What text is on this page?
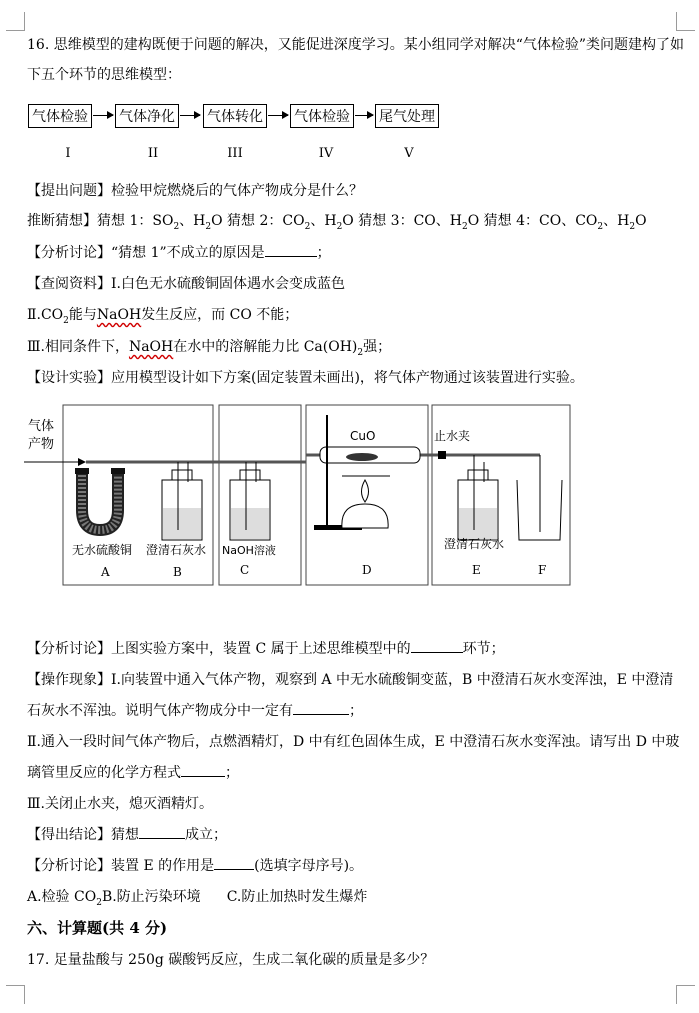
16. 思维模型的建构既便于问题的解决，又能促进深度学习。某小组同学对解决“气体检验”类问题建构了如
下五个环节的思维模型：
气体检验 气体净化 气体转化 气体检验 尾气处理
I	II	III	IV	V
【提出问题】检验甲烷燃烧后的气体产物成分是什么？
推断猜想】猜想 1：$SO_2$、$H_2O$ 猜想 2：$CO_2$、$H_2O$ 猜想 3：CO、$H_2O$ 猜想 4：CO、$CO_2$、$H_2O$
【分析讨论】“猜想 1”不成立的原因是	；
【查阅资料】Ⅰ.白色无水硫酸铜固体遇水会变成蓝色
$Ⅱ.CO_2$能与NaOH发生反应，而 CO 不能；
Ⅲ.相同条件下，NaOH在水中的溶解能力比 $Ca(OH)_2$强；
【设计实验】应用模型设计如下方案(固定装置未画出)，将气体产物通过该装置进行实验。
气体
产物
无水硫酸铜 澄清石灰水 NaOH溶液
CuO	止水夹
澄清石灰水
A	B	C	D	E	F
【分析讨论】上图实验方案中，装置 C 属于上述思维模型中的	环节；
【操作现象】Ⅰ.向装置中通入气体产物，观察到 A 中无水硫酸铜变蓝，B 中澄清石灰水变浑浊，E 中澄清
石灰水不浑浊。说明气体产物成分中一定有	；
Ⅱ.通入一段时间气体产物后，点燃酒精灯，D 中有红色固体生成，E 中澄清石灰水变浑浊。请写出 D 中玻
璃管里反应的化学方程式	；
Ⅲ.关闭止水夹，熄灭酒精灯。
【得出结论】猜想	成立；
【分析讨论】装置 E 的作用是	(选填字母序号)。
A.检验 $CO_2B$.防止污染环境 C.防止加热时发生爆炸
六、计算题(共 4 分)
17. 足量盐酸与 250g 碳酸钙反应，生成二氧化碳的质量是多少？
